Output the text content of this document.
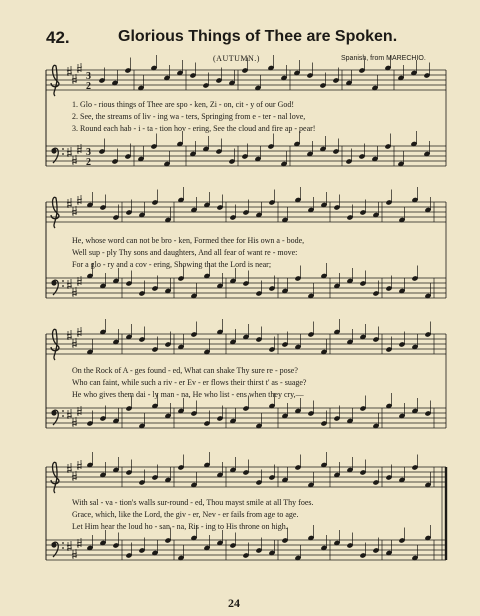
42.	Glorious Things of Thee are Spoken.
(AUTUMN.)	Spanish, from MARECHIO.
3
2
3
2
1. Glo - rious things of Thee are spo - ken, Zi - on, cit - y of our God!
2. See, the streams of liv - ing wa - ters, Springing from e - ter - nal love,
3. Round each hab - i - ta - tion hov - ering, See the cloud and fire ap - pear!
He, whose word can not be bro - ken, Formed thee for His own a - bode,
Well sup - ply Thy sons and daughters, And all fear of want re - move:
For a glo - ry and a cov - ering, Showing that the Lord is near;
On the Rock of A - ges found - ed, What can shake Thy sure re - pose?
Who can faint, while such a riv - er Ev - er flows their thirst t' as - suage?
He who gives them dai - ly man - na, He who list - ens when they cry,—
With sal - va - tion's walls sur-round - ed, Thou mayst smile at all Thy foes.
Grace, which, like the Lord, the giv - er, Nev - er fails from age to age.
Let Him hear the loud ho - san - na, Ris - ing to His throne on high.
24
